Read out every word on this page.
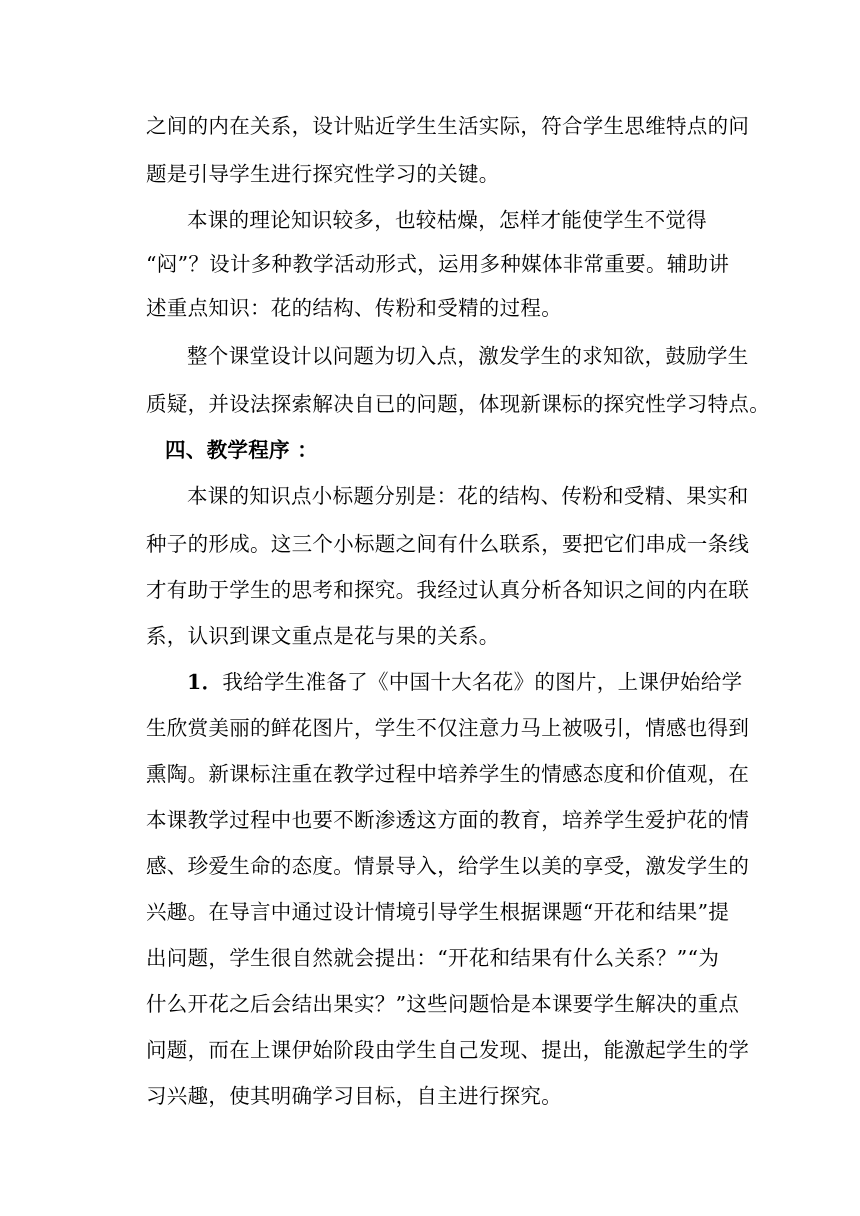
之间的内在关系，设计贴近学生生活实际，符合学生思维特点的问
题是引导学生进行探究性学习的关键。
本课的理论知识较多，也较枯燥，怎样才能使学生不觉得
“闷”？设计多种教学活动形式，运用多种媒体非常重要。辅助讲
述重点知识：花的结构、传粉和受精的过程。
整个课堂设计以问题为切入点，激发学生的求知欲，鼓励学生
质疑，并设法探索解决自已的问题，体现新课标的探究性学习特点。
四、教学程序 ：
本课的知识点小标题分别是：花的结构、传粉和受精、果实和
种子的形成。这三个小标题之间有什么联系，要把它们串成一条线
才有助于学生的思考和探究。我经过认真分析各知识之间的内在联
系，认识到课文重点是花与果的关系。
1．我给学生准备了《中国十大名花》的图片，上课伊始给学
生欣赏美丽的鲜花图片，学生不仅注意力马上被吸引，情感也得到
熏陶。新课标注重在教学过程中培养学生的情感态度和价值观，在
本课教学过程中也要不断渗透这方面的教育，培养学生爱护花的情
感、珍爱生命的态度。情景导入，给学生以美的享受，激发学生的
兴趣。在导言中通过设计情境引导学生根据课题“开花和结果”提
出问题，学生很自然就会提出：“开花和结果有什么关系？”“为
什么开花之后会结出果实？”这些问题恰是本课要学生解决的重点
问题，而在上课伊始阶段由学生自己发现、提出，能激起学生的学
习兴趣，使其明确学习目标，自主进行探究。
